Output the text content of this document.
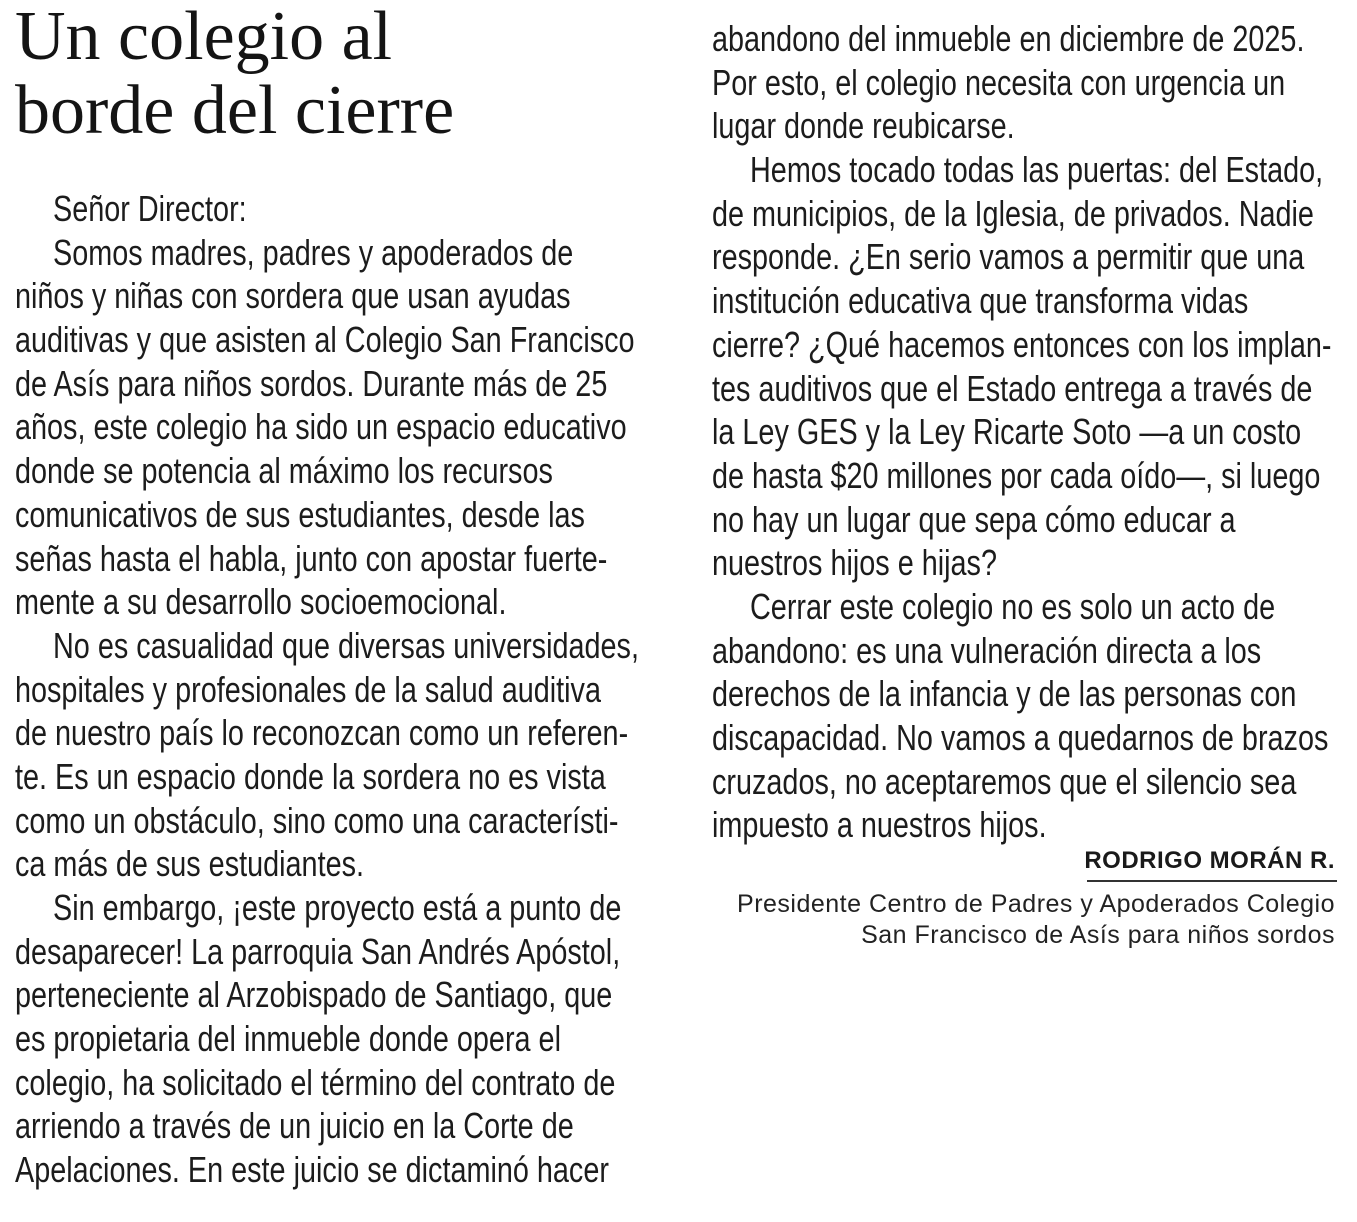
Un colegio al
borde del cierre
Señor Director:
Somos madres, padres y apoderados de
niños y niñas con sordera que usan ayudas
auditivas y que asisten al Colegio San Francisco
de Asís para niños sordos. Durante más de 25
años, este colegio ha sido un espacio educativo
donde se potencia al máximo los recursos
comunicativos de sus estudiantes, desde las
señas hasta el habla, junto con apostar fuerte-
mente a su desarrollo socioemocional.
No es casualidad que diversas universidades,
hospitales y profesionales de la salud auditiva
de nuestro país lo reconozcan como un referen-
te. Es un espacio donde la sordera no es vista
como un obstáculo, sino como una característi-
ca más de sus estudiantes.
Sin embargo, ¡este proyecto está a punto de
desaparecer! La parroquia San Andrés Apóstol,
perteneciente al Arzobispado de Santiago, que
es propietaria del inmueble donde opera el
colegio, ha solicitado el término del contrato de
arriendo a través de un juicio en la Corte de
Apelaciones. En este juicio se dictaminó hacer
abandono del inmueble en diciembre de 2025.
Por esto, el colegio necesita con urgencia un
lugar donde reubicarse.
Hemos tocado todas las puertas: del Estado,
de municipios, de la Iglesia, de privados. Nadie
responde. ¿En serio vamos a permitir que una
institución educativa que transforma vidas
cierre? ¿Qué hacemos entonces con los implan-
tes auditivos que el Estado entrega a través de
la Ley GES y la Ley Ricarte Soto —a un costo
de hasta $20 millones por cada oído—, si luego
no hay un lugar que sepa cómo educar a
nuestros hijos e hijas?
Cerrar este colegio no es solo un acto de
abandono: es una vulneración directa a los
derechos de la infancia y de las personas con
discapacidad. No vamos a quedarnos de brazos
cruzados, no aceptaremos que el silencio sea
impuesto a nuestros hijos.
RODRIGO MORÁN R.
Presidente Centro de Padres y Apoderados Colegio
San Francisco de Asís para niños sordos
